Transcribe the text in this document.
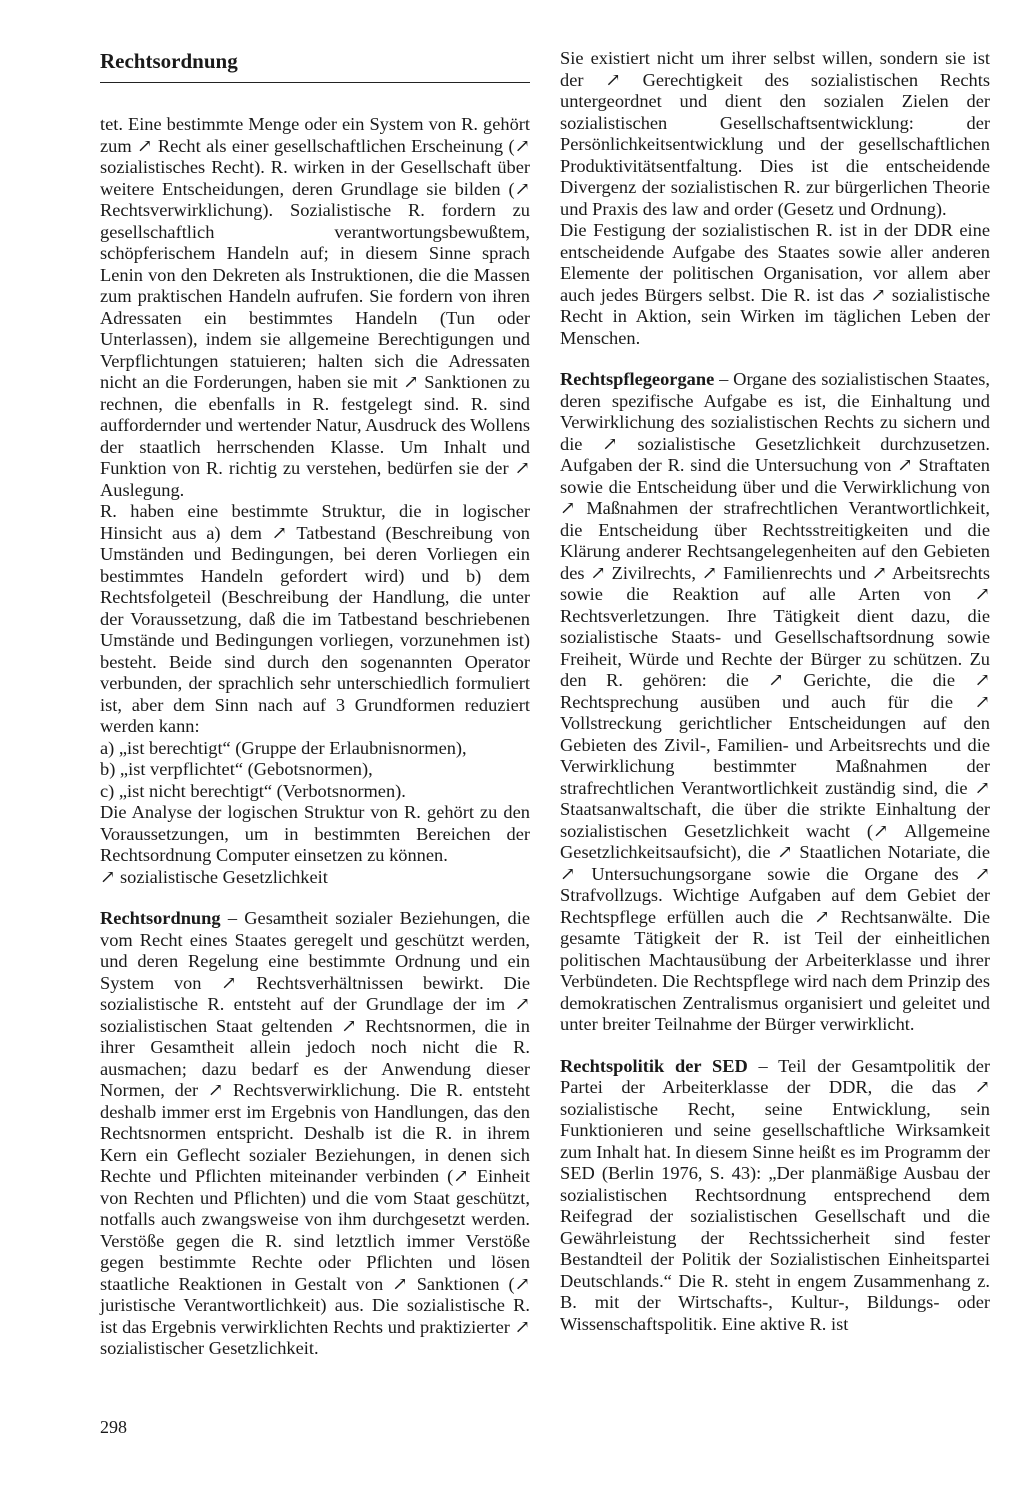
Rechtsordnung

tet. Eine bestimmte Menge oder ein System von R. gehört zum ↗ Recht als einer gesellschaftlichen Erscheinung (↗ sozialistisches Recht). R. wirken in der Gesellschaft über weitere Entscheidungen, deren Grundlage sie bilden (↗ Rechtsverwirklichung). Sozialistische R. fordern zu gesellschaftlich verantwortungsbewußtem, schöpferischem Handeln auf; in diesem Sinne sprach Lenin von den Dekreten als Instruktionen, die die Massen zum praktischen Handeln aufrufen. Sie fordern von ihren Adressaten ein bestimmtes Handeln (Tun oder Unterlassen), indem sie allgemeine Berechtigungen und Verpflichtungen statuieren; halten sich die Adressaten nicht an die Forderungen, haben sie mit ↗ Sanktionen zu rechnen, die ebenfalls in R. festgelegt sind. R. sind auffordernder und wertender Natur, Ausdruck des Wollens der staatlich herrschenden Klasse. Um Inhalt und Funktion von R. richtig zu verstehen, bedürfen sie der ↗ Auslegung.

R. haben eine bestimmte Struktur, die in logischer Hinsicht aus a) dem ↗ Tatbestand (Beschreibung von Umständen und Bedingungen, bei deren Vorliegen ein bestimmtes Handeln gefordert wird) und b) dem Rechtsfolgeteil (Beschreibung der Handlung, die unter der Voraussetzung, daß die im Tatbestand beschriebenen Umstände und Bedingungen vorliegen, vorzunehmen ist) besteht. Beide sind durch den sogenannten Operator verbunden, der sprachlich sehr unterschiedlich formuliert ist, aber dem Sinn nach auf 3 Grundformen reduziert werden kann:

a) „ist berechtigt“ (Gruppe der Erlaubnisnormen),

b) „ist verpflichtet“ (Gebotsnormen),

c) „ist nicht berechtigt“ (Verbotsnormen).

Die Analyse der logischen Struktur von R. gehört zu den Voraussetzungen, um in bestimmten Bereichen der Rechtsordnung Computer einsetzen zu können.

↗ sozialistische Gesetzlichkeit

Rechtsordnung – Gesamtheit sozialer Beziehungen, die vom Recht eines Staates geregelt und geschützt werden, und deren Regelung eine bestimmte Ordnung und ein System von ↗ Rechtsverhältnissen bewirkt. Die sozialistische R. entsteht auf der Grundlage der im ↗ sozialistischen Staat geltenden ↗ Rechtsnormen, die in ihrer Gesamtheit allein jedoch noch nicht die R. ausmachen; dazu bedarf es der Anwendung dieser Normen, der ↗ Rechtsverwirklichung. Die R. entsteht deshalb immer erst im Ergebnis von Handlungen, das den Rechtsnormen entspricht. Deshalb ist die R. in ihrem Kern ein Geflecht sozialer Beziehungen, in denen sich Rechte und Pflichten miteinander verbinden (↗ Einheit von Rechten und Pflichten) und die vom Staat geschützt, notfalls auch zwangsweise von ihm durchgesetzt werden. Verstöße gegen die R. sind letztlich immer Verstöße gegen bestimmte Rechte oder Pflichten und lösen staatliche Reaktionen in Gestalt von ↗ Sanktionen (↗ juristische Verantwortlichkeit) aus. Die sozialistische R. ist das Ergebnis verwirklichten Rechts und praktizierter ↗ sozialistischer Gesetzlichkeit.

Sie existiert nicht um ihrer selbst willen, sondern sie ist der ↗ Gerechtigkeit des sozialistischen Rechts untergeordnet und dient den sozialen Zielen der sozialistischen Gesellschaftsentwicklung: der Persönlichkeitsentwicklung und der gesellschaftlichen Produktivitätsentfaltung. Dies ist die entscheidende Divergenz der sozialistischen R. zur bürgerlichen Theorie und Praxis des law and order (Gesetz und Ordnung).

Die Festigung der sozialistischen R. ist in der DDR eine entscheidende Aufgabe des Staates sowie aller anderen Elemente der politischen Organisation, vor allem aber auch jedes Bürgers selbst. Die R. ist das ↗ sozialistische Recht in Aktion, sein Wirken im täglichen Leben der Menschen.

Rechtspflegeorgane – Organe des sozialistischen Staates, deren spezifische Aufgabe es ist, die Einhaltung und Verwirklichung des sozialistischen Rechts zu sichern und die ↗ sozialistische Gesetzlichkeit durchzusetzen. Aufgaben der R. sind die Untersuchung von ↗ Straftaten sowie die Entscheidung über und die Verwirklichung von ↗ Maßnahmen der strafrechtlichen Verantwortlichkeit, die Entscheidung über Rechtsstreitigkeiten und die Klärung anderer Rechtsangelegenheiten auf den Gebieten des ↗ Zivilrechts, ↗ Familienrechts und ↗ Arbeitsrechts sowie die Reaktion auf alle Arten von ↗ Rechtsverletzungen. Ihre Tätigkeit dient dazu, die sozialistische Staats- und Gesellschaftsordnung sowie Freiheit, Würde und Rechte der Bürger zu schützen. Zu den R. gehören: die ↗ Gerichte, die die ↗ Rechtsprechung ausüben und auch für die ↗ Vollstreckung gerichtlicher Entscheidungen auf den Gebieten des Zivil-, Familien- und Arbeitsrechts und die Verwirklichung bestimmter Maßnahmen der strafrechtlichen Verantwortlichkeit zuständig sind, die ↗ Staatsanwaltschaft, die über die strikte Einhaltung der sozialistischen Gesetzlichkeit wacht (↗ Allgemeine Gesetzlichkeitsaufsicht), die ↗ Staatlichen Notariate, die ↗ Untersuchungsorgane sowie die Organe des ↗ Strafvollzugs. Wichtige Aufgaben auf dem Gebiet der Rechtspflege erfüllen auch die ↗ Rechtsanwälte. Die gesamte Tätigkeit der R. ist Teil der einheitlichen politischen Machtausübung der Arbeiterklasse und ihrer Verbündeten. Die Rechtspflege wird nach dem Prinzip des demokratischen Zentralismus organisiert und geleitet und unter breiter Teilnahme der Bürger verwirklicht.

Rechtspolitik der SED – Teil der Gesamtpolitik der Partei der Arbeiterklasse der DDR, die das ↗ sozialistische Recht, seine Entwicklung, sein Funktionieren und seine gesellschaftliche Wirksamkeit zum Inhalt hat. In diesem Sinne heißt es im Programm der SED (Berlin 1976, S. 43): „Der planmäßige Ausbau der sozialistischen Rechtsordnung entsprechend dem Reifegrad der sozialistischen Gesellschaft und die Gewährleistung der Rechtssicherheit sind fester Bestandteil der Politik der Sozialistischen Einheitspartei Deutschlands.“ Die R. steht in engem Zusammenhang z. B. mit der Wirtschafts-, Kultur-, Bildungs- oder Wissenschaftspolitik. Eine aktive R. ist

298
